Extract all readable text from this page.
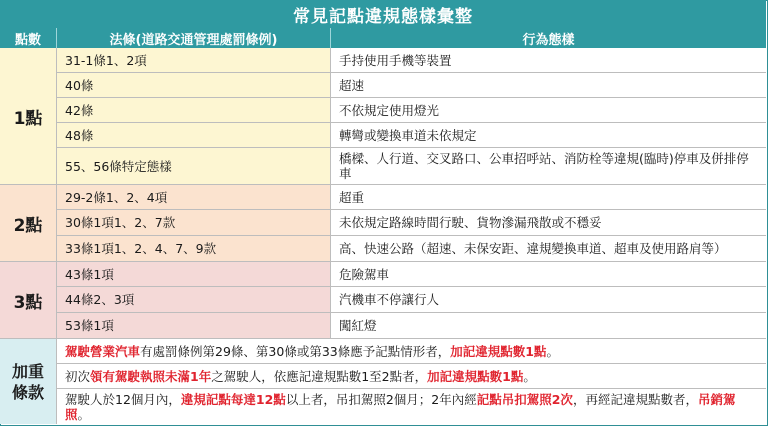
常見記點違規態樣彙整
點數	法條(道路交通管理處罰條例)	行為態樣
1點
31-1條1、2項	手持使用手機等裝置
40條	超速
42條	不依規定使用燈光
48條	轉彎或變換車道未依規定
55、56條特定態樣	橋樑、人行道、交叉路口、公車招呼站、消防栓等違規(臨時)停車及併排停車
2點
29-2條1、2、4項	超重
30條1項1、2、7款	未依規定路線時間行駛、貨物滲漏飛散或不穩妥
33條1項1、2、4、7、9款	高、快速公路（超速、未保安距、違規變換車道、超車及使用路肩等）
3點
43條1項	危險駕車
44條2、3項	汽機車不停讓行人
53條1項	闖紅燈
加重
條款
駕駛營業汽車有處罰條例第29條、第30條或第33條應予記點情形者，加記違規點數1點。
初次領有駕駛執照未滿1年之駕駛人，依應記違規點數1至2點者，加記違規點數1點。
駕駛人於12個月內，違規記點每達12點以上者，吊扣駕照2個月；2年內經記點吊扣駕照2次，再經記違規點數者，吊銷駕照。
